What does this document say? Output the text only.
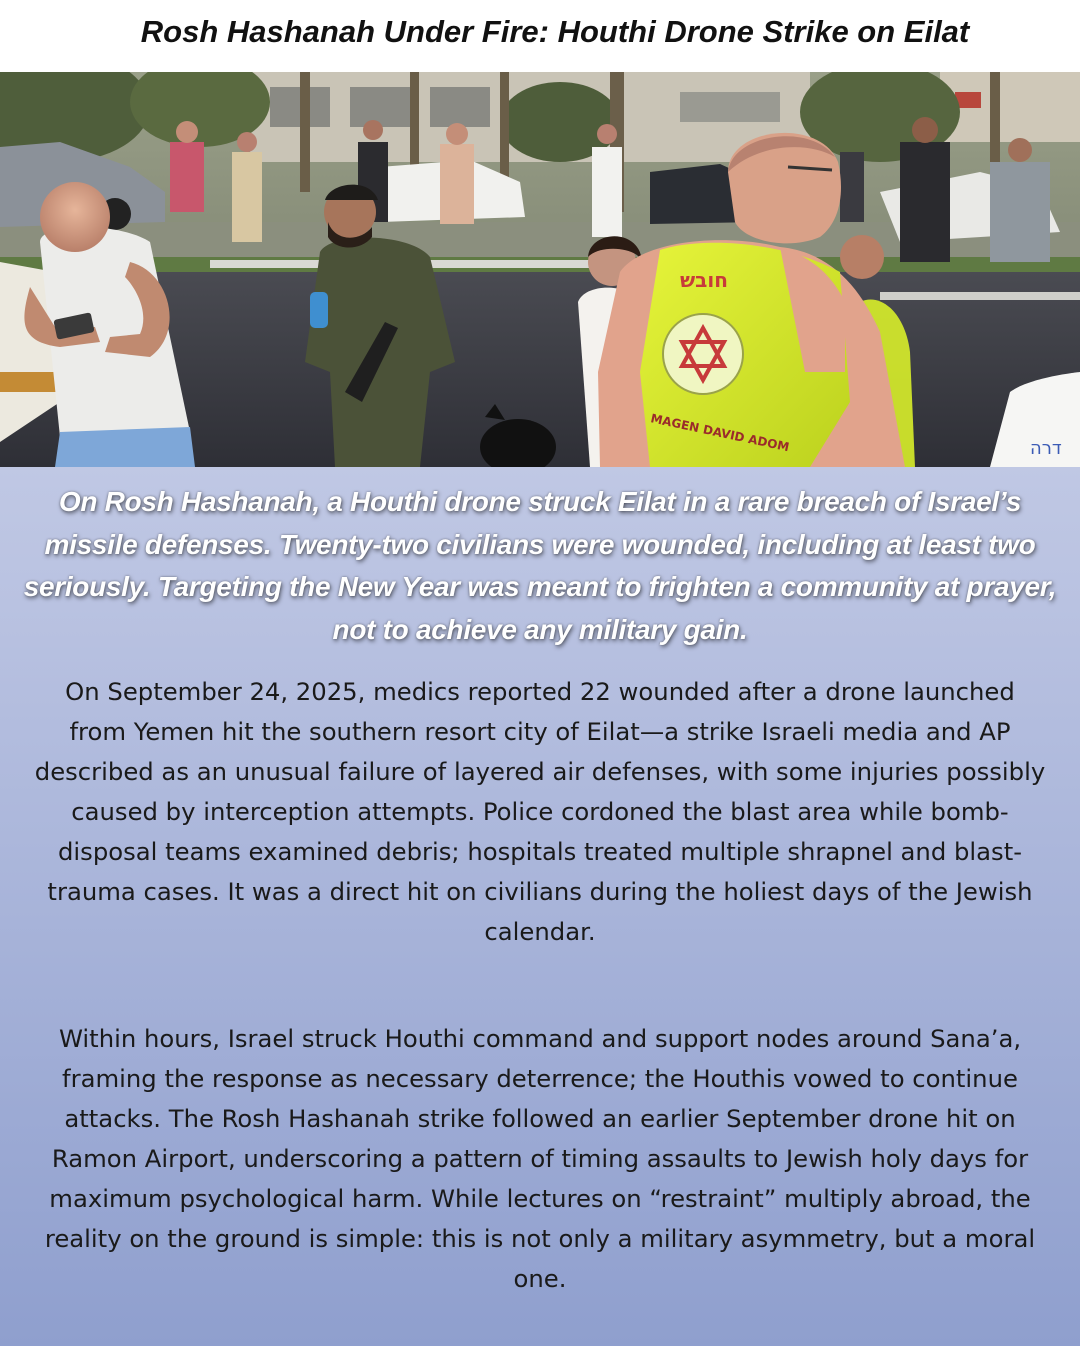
Rosh Hashanah Under Fire: Houthi Drone Strike on Eilat
דרה
חובש
MAGEN DAVID ADOM
On Rosh Hashanah, a Houthi drone struck Eilat in a rare breach of Israel’s missile defenses. Twenty-two civilians were wounded, including at least two seriously. Targeting the New Year was meant to frighten a community at prayer, not to achieve any military gain.
On September 24, 2025, medics reported 22 wounded after a drone launched from Yemen hit the southern resort city of Eilat—a strike Israeli media and AP described as an unusual failure of layered air defenses, with some injuries possibly caused by interception attempts. Police cordoned the blast area while bomb-disposal teams examined debris; hospitals treated multiple shrapnel and blast-trauma cases. It was a direct hit on civilians during the holiest days of the Jewish calendar.
Within hours, Israel struck Houthi command and support nodes around Sana’a, framing the response as necessary deterrence; the Houthis vowed to continue attacks. The Rosh Hashanah strike followed an earlier September drone hit on Ramon Airport, underscoring a pattern of timing assaults to Jewish holy days for maximum psychological harm. While lectures on “restraint” multiply abroad, the reality on the ground is simple: this is not only a military asymmetry, but a moral one.
